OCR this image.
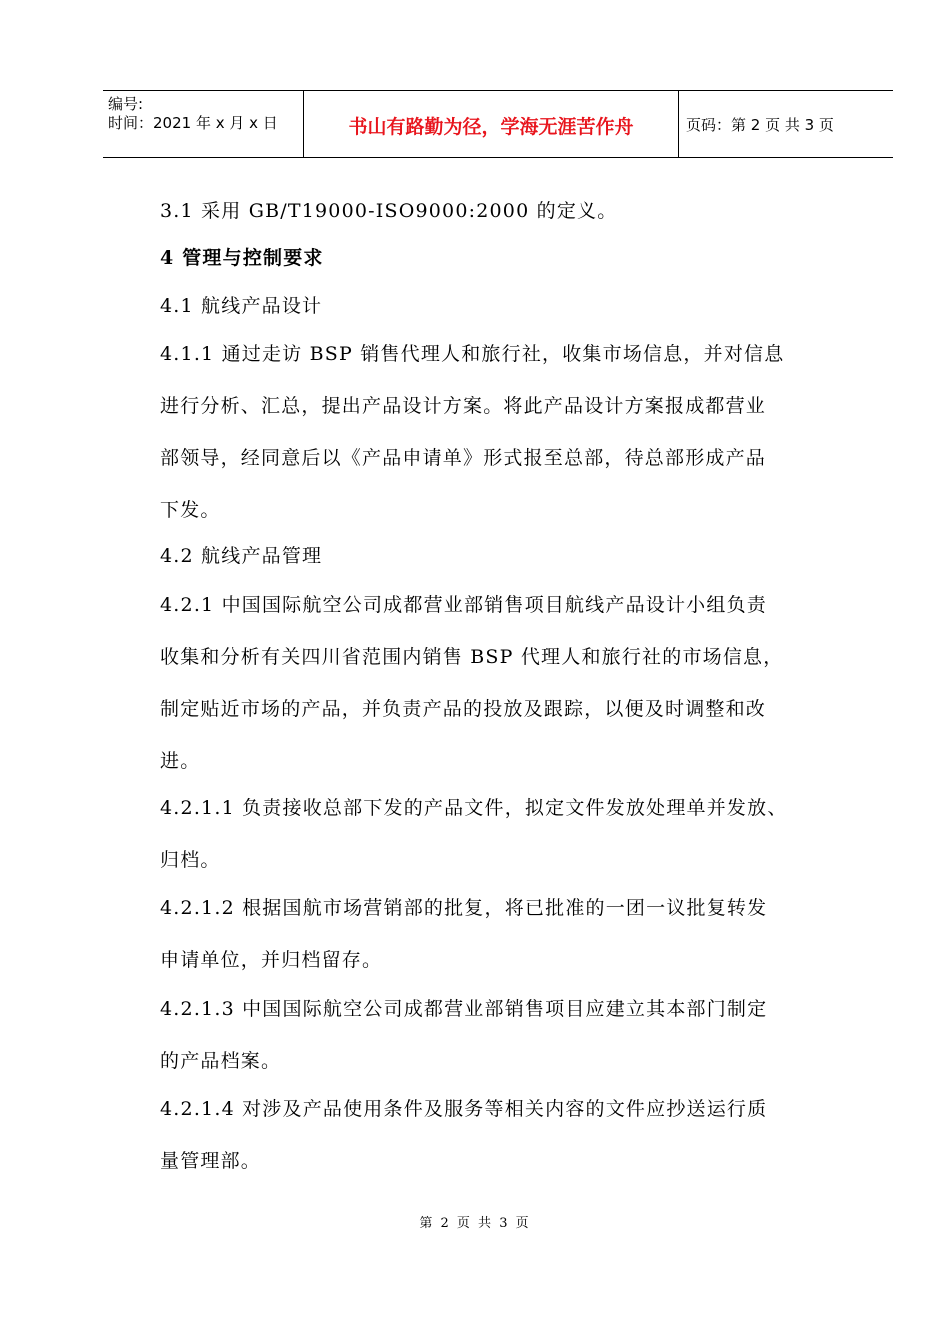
编号:
时间：2021 年 x 月 x 日	书山有路勤为径，学海无涯苦作舟	页码：第 2 页 共 3 页

3.1 采用 GB/T19000-ISO9000:2000 的定义。

4 管理与控制要求

4.1 航线产品设计

4.1.1 通过走访 BSP 销售代理人和旅行社，收集市场信息，并对信息
进行分析、汇总，提出产品设计方案。将此产品设计方案报成都营业
部领导，经同意后以《产品申请单》形式报至总部，待总部形成产品
下发。

4.2 航线产品管理

4.2.1 中国国际航空公司成都营业部销售项目航线产品设计小组负责
收集和分析有关四川省范围内销售 BSP 代理人和旅行社的市场信息，
制定贴近市场的产品，并负责产品的投放及跟踪，以便及时调整和改
进。

4.2.1.1 负责接收总部下发的产品文件，拟定文件发放处理单并发放、
归档。

4.2.1.2 根据国航市场营销部的批复，将已批准的一团一议批复转发
申请单位，并归档留存。

4.2.1.3 中国国际航空公司成都营业部销售项目应建立其本部门制定
的产品档案。

4.2.1.4 对涉及产品使用条件及服务等相关内容的文件应抄送运行质
量管理部。

第 2 页 共 3 页
